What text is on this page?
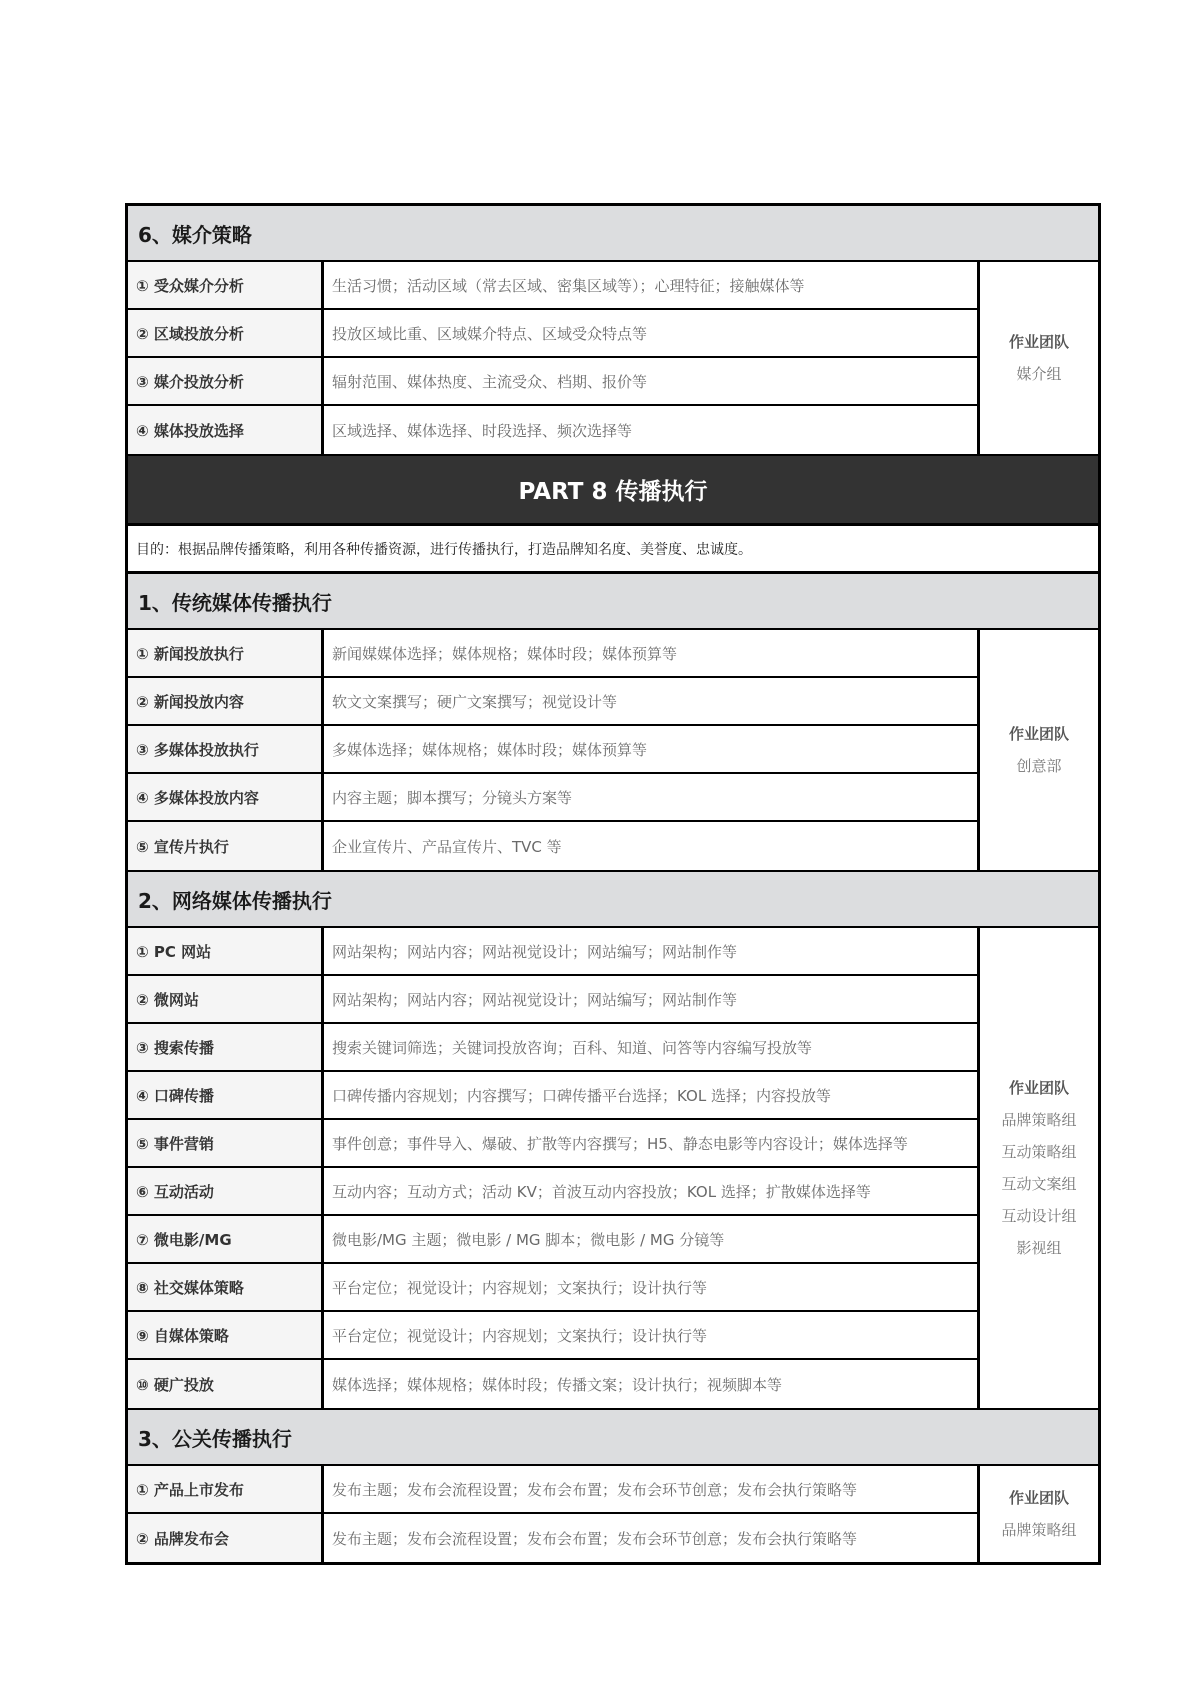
6、媒介策略
① 受众媒介分析	生活习惯；活动区域（常去区域、密集区域等）；心理特征；接触媒体等
② 区域投放分析	投放区域比重、区域媒介特点、区域受众特点等
③ 媒介投放分析	辐射范围、媒体热度、主流受众、档期、报价等
④ 媒体投放选择	区域选择、媒体选择、时段选择、频次选择等
作业团队
媒介组
PART 8 传播执行
目的：根据品牌传播策略，利用各种传播资源，进行传播执行，打造品牌知名度、美誉度、忠诚度。
1、传统媒体传播执行
① 新闻投放执行	新闻媒媒体选择；媒体规格；媒体时段；媒体预算等
② 新闻投放内容	软文文案撰写；硬广文案撰写；视觉设计等
③ 多媒体投放执行	多媒体选择；媒体规格；媒体时段；媒体预算等
④ 多媒体投放内容	内容主题；脚本撰写；分镜头方案等
⑤ 宣传片执行	企业宣传片、产品宣传片、TVC 等
作业团队
创意部
2、网络媒体传播执行
① PC 网站	网站架构；网站内容；网站视觉设计；网站编写；网站制作等
② 微网站	网站架构；网站内容；网站视觉设计；网站编写；网站制作等
③ 搜索传播	搜索关键词筛选；关键词投放咨询；百科、知道、问答等内容编写投放等
④ 口碑传播	口碑传播内容规划；内容撰写；口碑传播平台选择；KOL 选择；内容投放等
⑤ 事件营销	事件创意；事件导入、爆破、扩散等内容撰写；H5、静态电影等内容设计；媒体选择等
⑥ 互动活动	互动内容；互动方式；活动 KV；首波互动内容投放；KOL 选择；扩散媒体选择等
⑦ 微电影/MG	微电影/MG 主题；微电影 / MG 脚本；微电影 / MG 分镜等
⑧ 社交媒体策略	平台定位；视觉设计；内容规划；文案执行；设计执行等
⑨ 自媒体策略	平台定位；视觉设计；内容规划；文案执行；设计执行等
⑩ 硬广投放	媒体选择；媒体规格；媒体时段；传播文案；设计执行；视频脚本等
作业团队
品牌策略组
互动策略组
互动文案组
互动设计组
影视组
3、公关传播执行
① 产品上市发布	发布主题；发布会流程设置；发布会布置；发布会环节创意；发布会执行策略等
② 品牌发布会	发布主题；发布会流程设置；发布会布置；发布会环节创意；发布会执行策略等
作业团队
品牌策略组
